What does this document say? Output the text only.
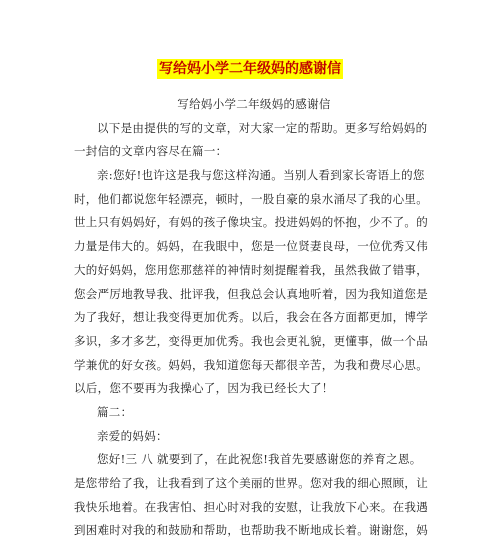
写给妈小学二年级妈的感谢信
写给妈小学二年级妈的感谢信
以下是由提供的写的文章，对大家一定的帮助。更多写给妈妈的
一封信的文章内容尽在篇一：
亲:您好!也许这是我与您这样沟通。当别人看到家长寄语上的您
时，他们都说您年轻漂亮，顿时，一股自豪的泉水涌尽了我的心里。
世上只有妈妈好，有妈的孩子像块宝。投进妈妈的怀抱，少不了。的
力量是伟大的。妈妈，在我眼中，您是一位贤妻良母，一位优秀又伟
大的好妈妈，您用您那慈祥的神情时刻提醒着我，虽然我做了错事，
您会严厉地教导我、批评我，但我总会认真地听着，因为我知道您是
为了我好，想让我变得更加优秀。以后，我会在各方面都更加，博学
多识，多才多艺，变得更加优秀。我也会更礼貌，更懂事，做一个品
学兼优的好女孩。妈妈，我知道您每天都很辛苦，为我和费尽心思。
以后，您不要再为我操心了，因为我已经长大了！
篇二：
亲爱的妈妈：
您好!三 八 就要到了，在此祝您!我首先要感谢您的养育之恩。
是您带给了我，让我看到了这个美丽的世界。您对我的细心照顾，让
我快乐地着。在我害怕、担心时对我的安慰，让我放下心来。在我遇
到困难时对我的和鼓励和帮助，也帮助我不断地成长着。谢谢您，妈
